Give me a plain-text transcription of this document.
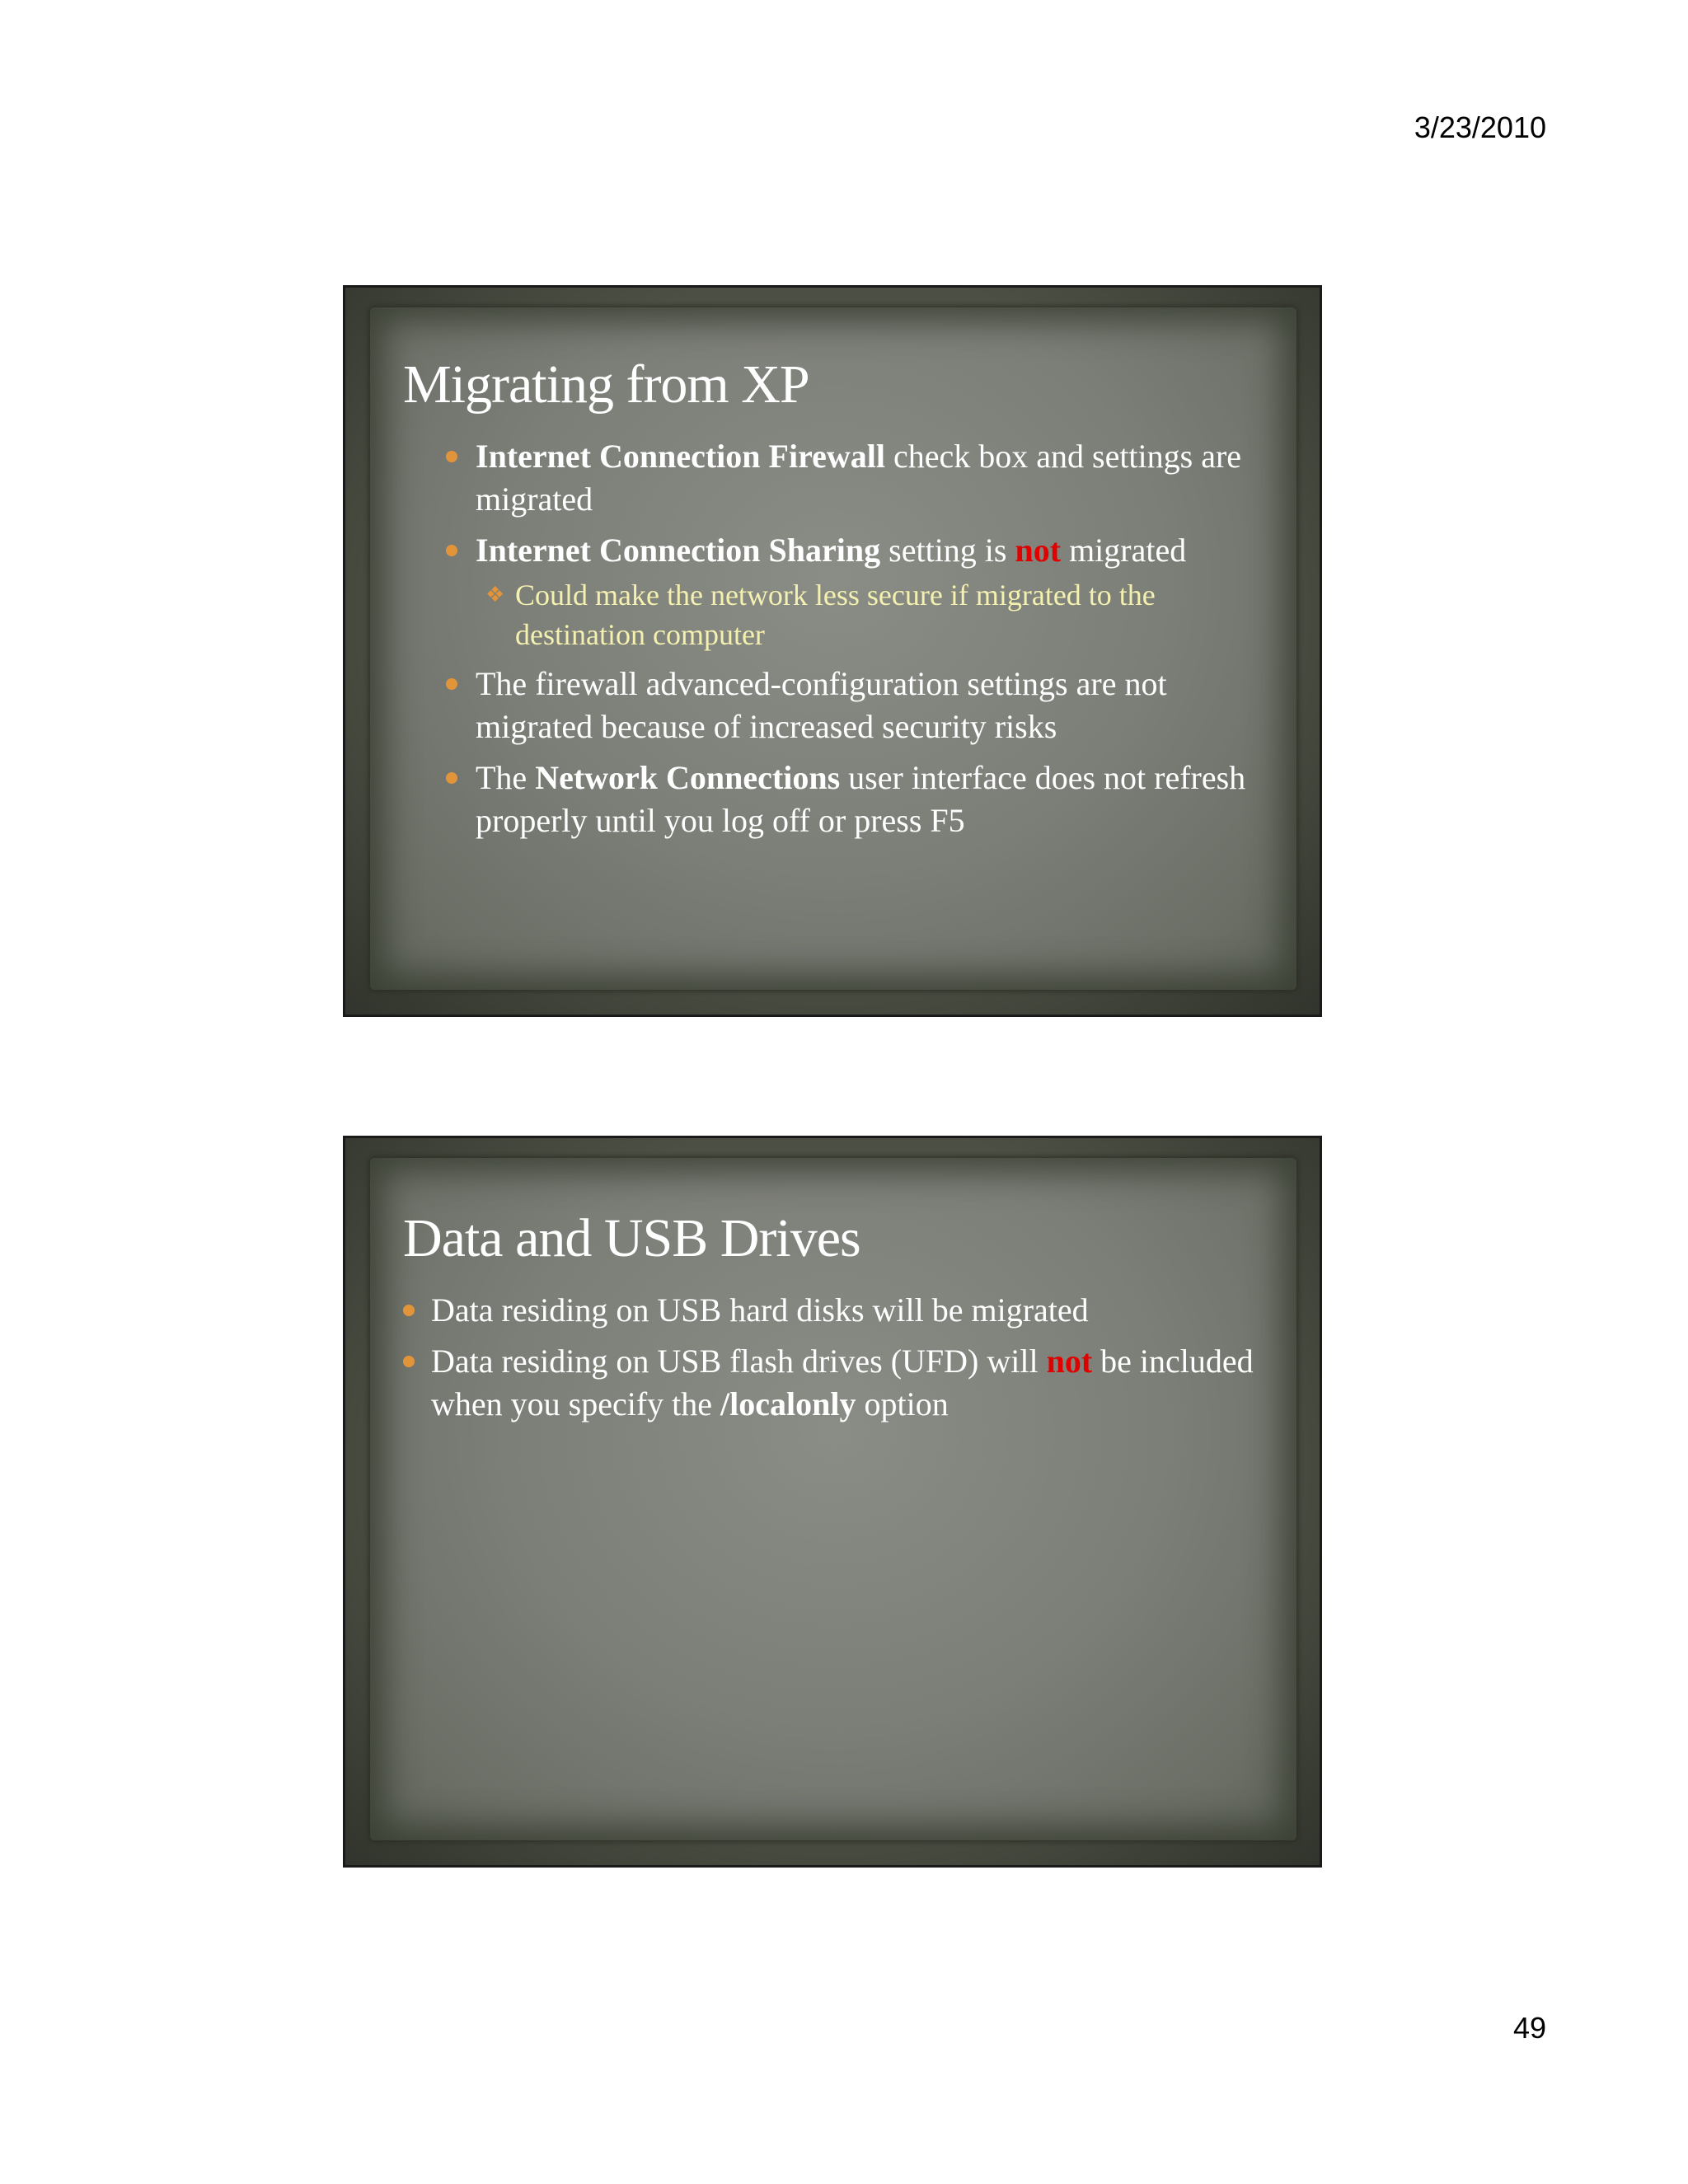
3/23/2010
Migrating from XP
Internet Connection Firewall check box and settings are migrated
Internet Connection Sharing setting is not migrated
❖ Could make the network less secure if migrated to the destination computer
The firewall advanced-configuration settings are not migrated because of increased security risks
The Network Connections user interface does not refresh properly until you log off or press F5
Data and USB Drives
Data residing on USB hard disks will be migrated
Data residing on USB flash drives (UFD) will not be included when you specify the /localonly option
49
